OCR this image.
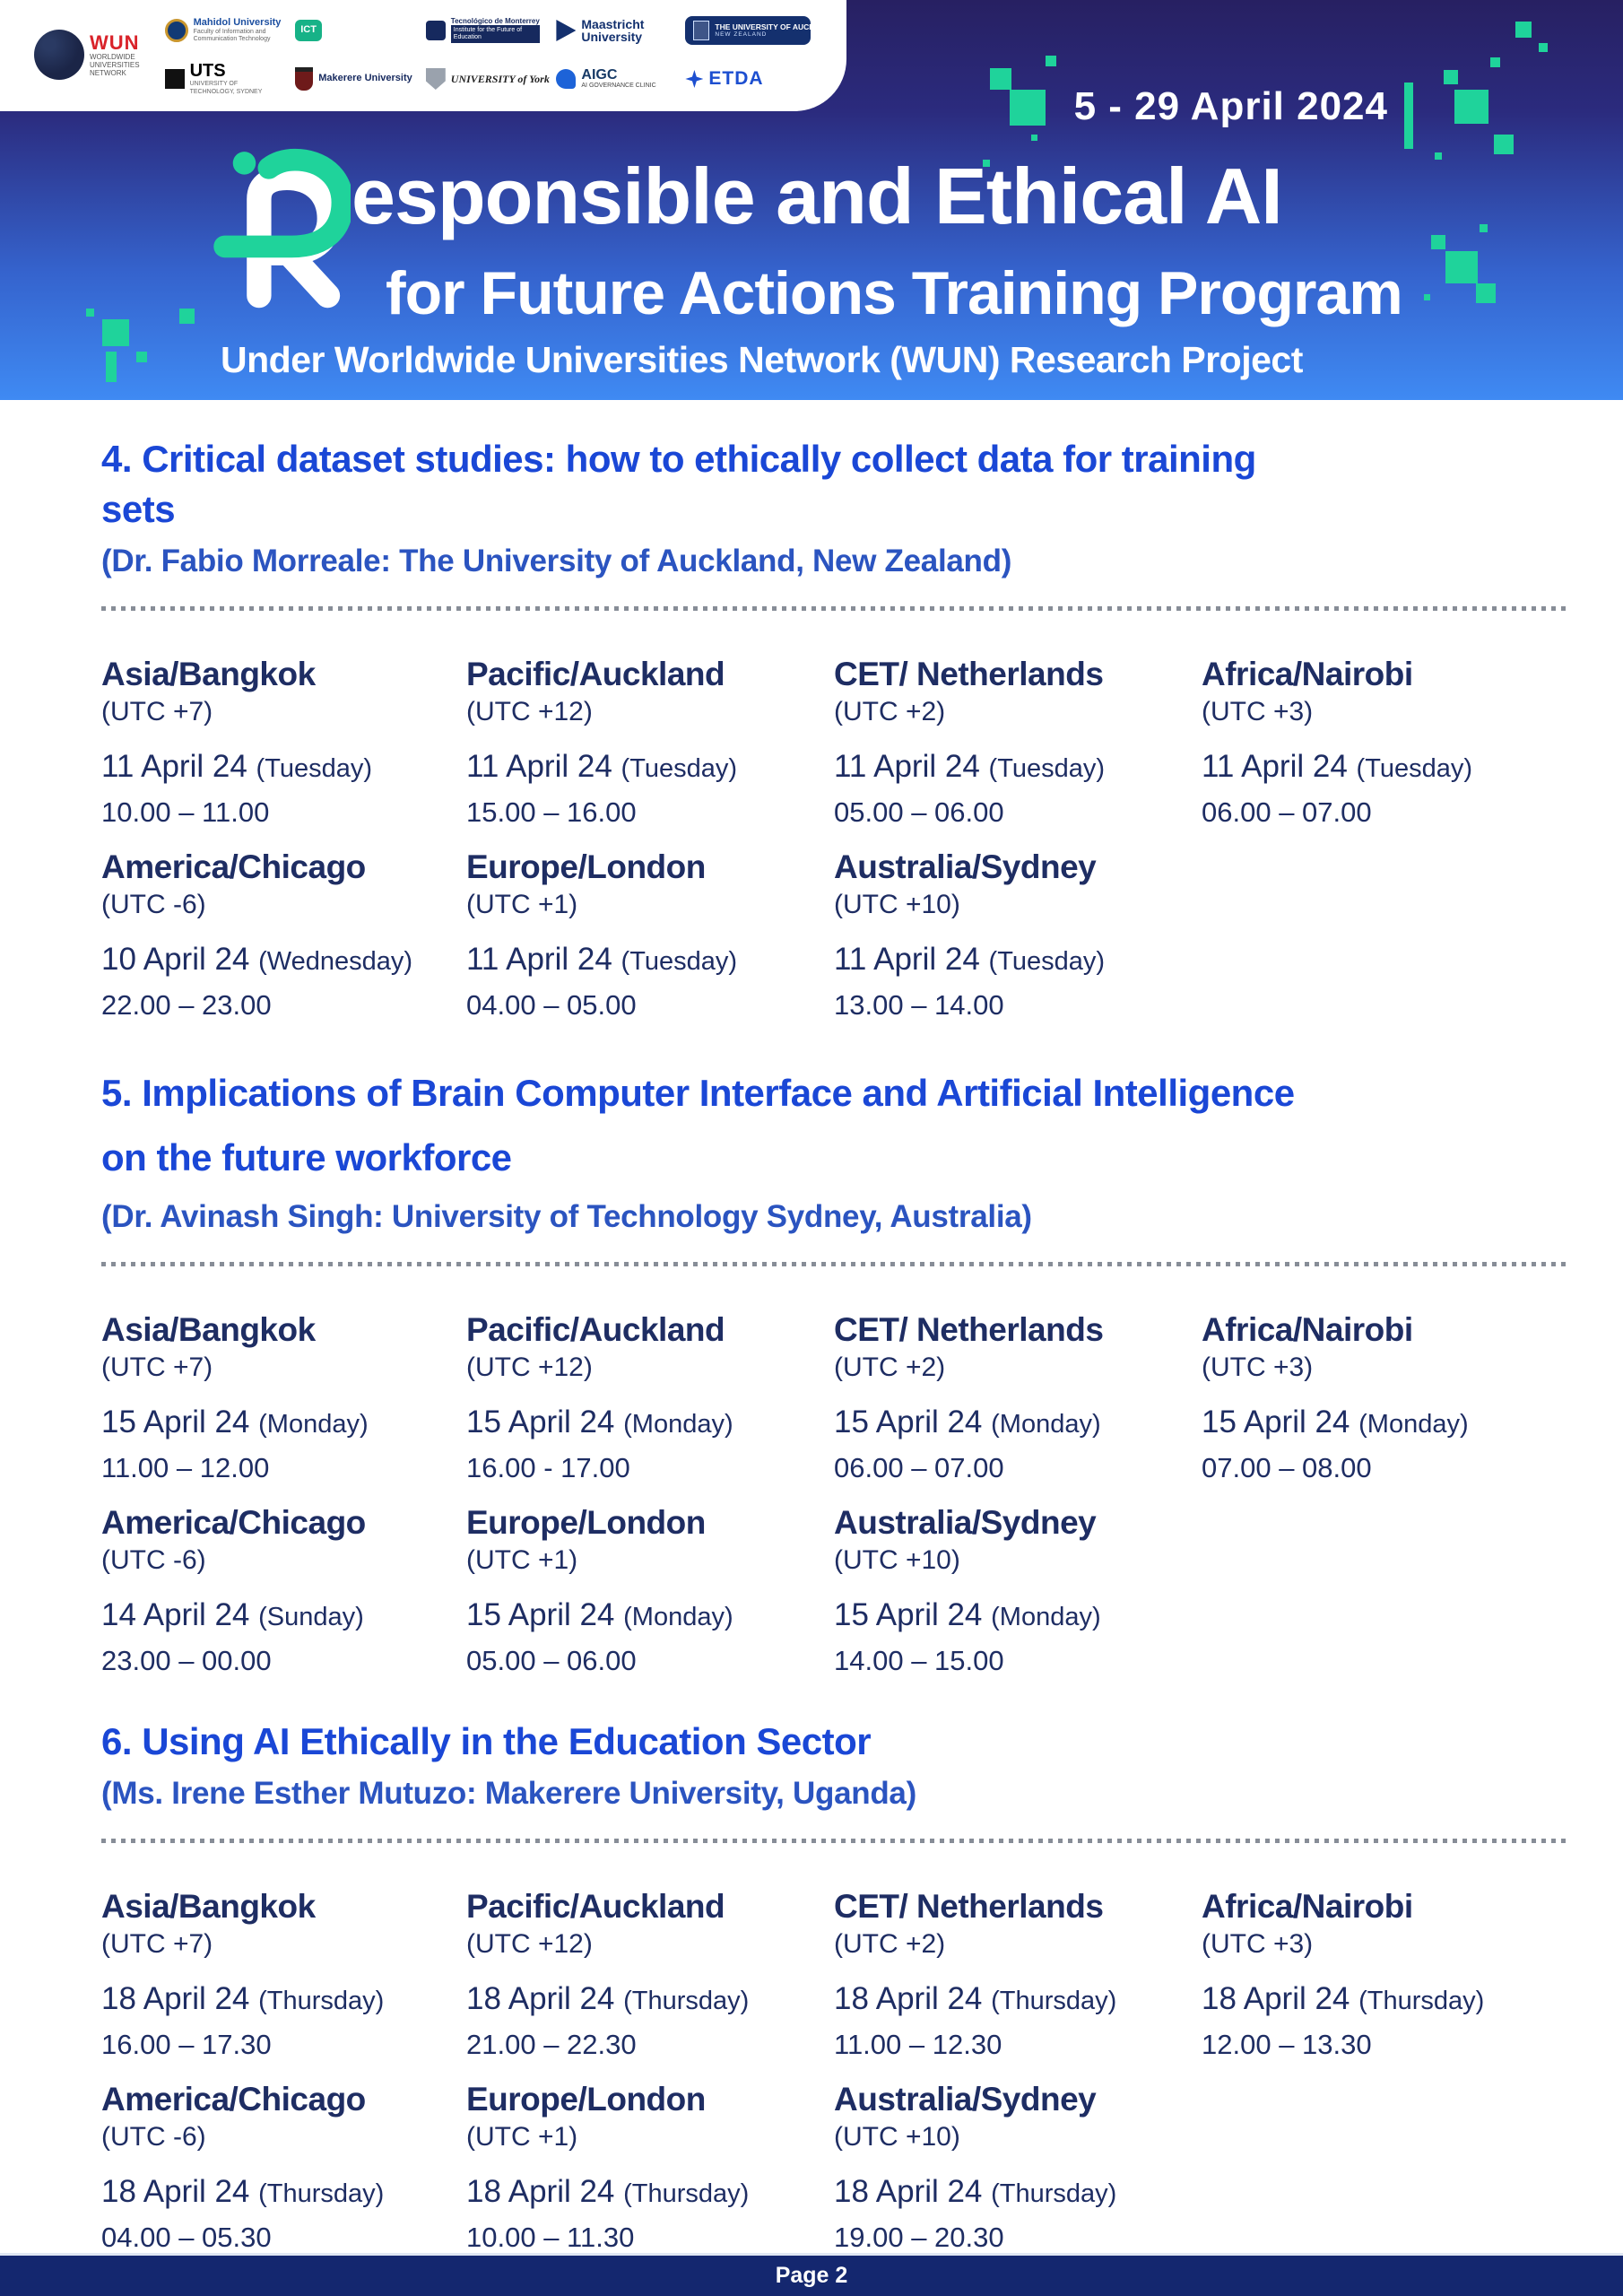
WUN
WORLDWIDE UNIVERSITIES NETWORK
Mahidol University
Faculty of Information and Communication Technology
UTS
UNIVERSITY OF TECHNOLOGY, SYDNEY
ICT
Makerere University
Tecnológico de Monterrey
Institute for the Future of Education
UNIVERSITY of York
Maastricht University
AIGC
AI GOVERNANCE CLINIC
THE UNIVERSITY OF AUCKLAND
NEW ZEALAND
ETDA
5 - 29 April 2024
esponsible and Ethical AI
for Future Actions Training Program
Under Worldwide Universities Network (WUN) Research Project
4. Critical dataset studies: how to ethically collect data for training
sets
(Dr. Fabio Morreale: The University of Auckland, New Zealand)
Asia/Bangkok
(UTC +7)
11 April 24 (Tuesday)
10.00 – 11.00
Pacific/Auckland
(UTC +12)
11 April 24 (Tuesday)
15.00 – 16.00
CET/ Netherlands
(UTC +2)
11 April 24 (Tuesday)
05.00 – 06.00
Africa/Nairobi
(UTC +3)
11 April 24 (Tuesday)
06.00 – 07.00
America/Chicago
(UTC -6)
10 April 24 (Wednesday)
22.00 – 23.00
Europe/London
(UTC +1)
11 April 24 (Tuesday)
04.00 – 05.00
Australia/Sydney
(UTC +10)
11 April 24 (Tuesday)
13.00 – 14.00
5. Implications of Brain Computer Interface and Artificial Intelligence
on the future workforce
(Dr. Avinash Singh: University of Technology Sydney, Australia)
Asia/Bangkok
(UTC +7)
15 April 24 (Monday)
11.00 – 12.00
Pacific/Auckland
(UTC +12)
15 April 24 (Monday)
16.00 - 17.00
CET/ Netherlands
(UTC +2)
15 April 24 (Monday)
06.00 – 07.00
Africa/Nairobi
(UTC +3)
15 April 24 (Monday)
07.00 – 08.00
America/Chicago
(UTC -6)
14 April 24 (Sunday)
23.00 – 00.00
Europe/London
(UTC +1)
15 April 24 (Monday)
05.00 – 06.00
Australia/Sydney
(UTC +10)
15 April 24 (Monday)
14.00 – 15.00
6. Using AI Ethically in the Education Sector
(Ms. Irene Esther Mutuzo: Makerere University, Uganda)
Asia/Bangkok
(UTC +7)
18 April 24 (Thursday)
16.00 – 17.30
Pacific/Auckland
(UTC +12)
18 April 24 (Thursday)
21.00 – 22.30
CET/ Netherlands
(UTC +2)
18 April 24 (Thursday)
11.00 – 12.30
Africa/Nairobi
(UTC +3)
18 April 24 (Thursday)
12.00 – 13.30
America/Chicago
(UTC -6)
18 April 24 (Thursday)
04.00 – 05.30
Europe/London
(UTC +1)
18 April 24 (Thursday)
10.00 – 11.30
Australia/Sydney
(UTC +10)
18 April 24 (Thursday)
19.00 – 20.30
Page 2
